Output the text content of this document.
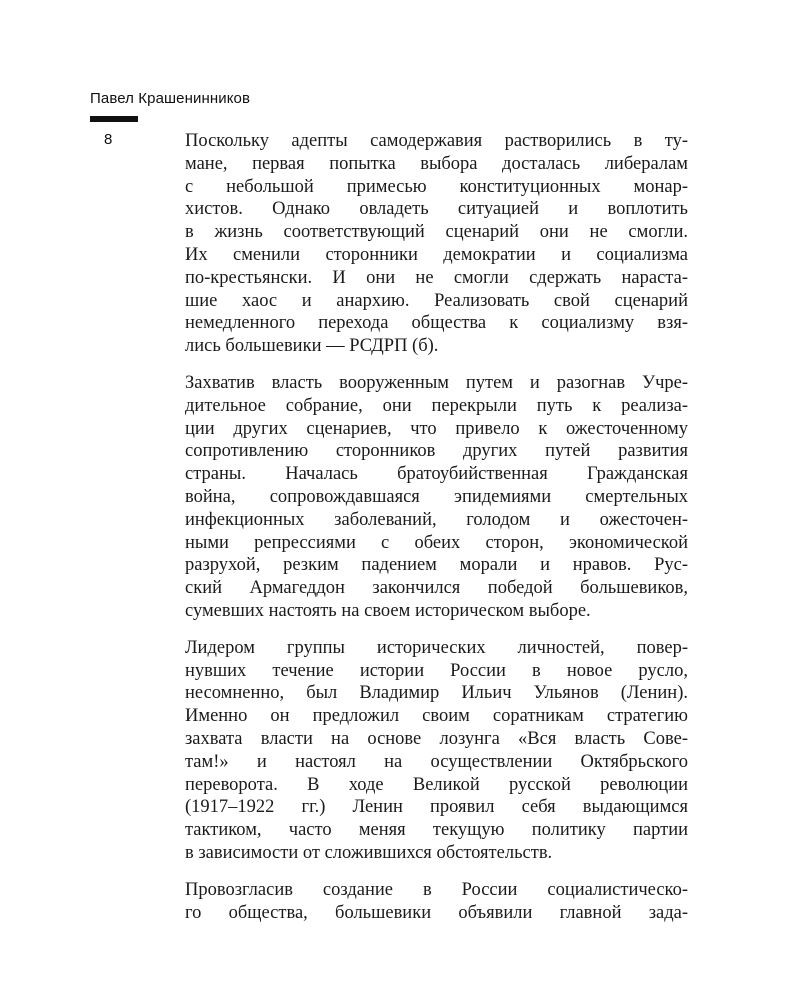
Павел Крашенинников
8	Поскольку адепты самодержавия растворились в ту-
мане, первая попытка выбора досталась либералам
с небольшой примесью конституционных монар-
хистов. Однако овладеть ситуацией и воплотить
в жизнь соответствующий сценарий они не смогли.
Их сменили сторонники демократии и социализма
по-крестьянски. И они не смогли сдержать нараста-
шие хаос и анархию. Реализовать свой сценарий
немедленного перехода общества к социализму взя-
лись большевики — РСДРП (б).
Захватив власть вооруженным путем и разогнав Учре-
дительное собрание, они перекрыли путь к реализа-
ции других сценариев, что привело к ожесточенному
сопротивлению сторонников других путей развития
страны. Началась братоубийственная Гражданская
война, сопровождавшаяся эпидемиями смертельных
инфекционных заболеваний, голодом и ожесточен-
ными репрессиями с обеих сторон, экономической
разрухой, резким падением морали и нравов. Рус-
ский Армагеддон закончился победой большевиков,
сумевших настоять на своем историческом выборе.
Лидером группы исторических личностей, повер-
нувших течение истории России в новое русло,
несомненно, был Владимир Ильич Ульянов (Ленин).
Именно он предложил своим соратникам стратегию
захвата власти на основе лозунга «Вся власть Сове-
там!» и настоял на осуществлении Октябрьского
переворота. В ходе Великой русской революции
(1917–1922 гг.) Ленин проявил себя выдающимся
тактиком, часто меняя текущую политику партии
в зависимости от сложившихся обстоятельств.
Провозгласив создание в России социалистическо-
го общества, большевики объявили главной зада-
